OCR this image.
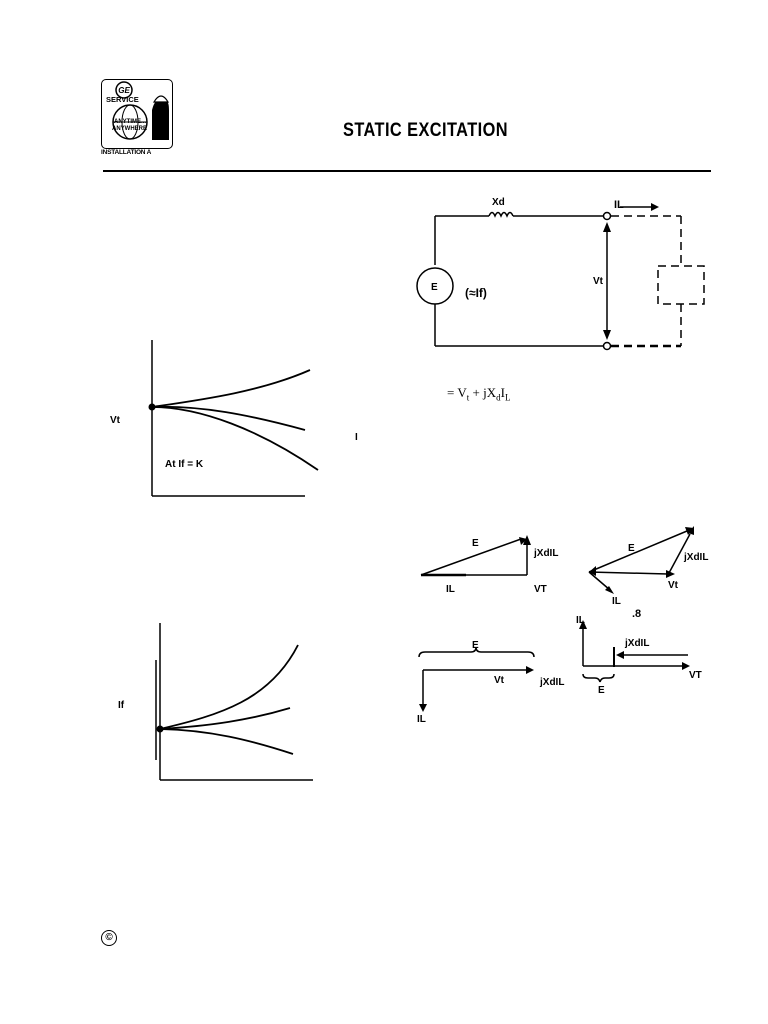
GE
SERVICE
ANYTIME...
ANYWHERE
INSTALLATION A
STATIC EXCITATION
Xd	IL
Vt
E (≈If)
= $V_t + jX_dI_L$
Vt
At If = K
I
If
E
jXdIL
IL	VT
E
jXdIL
IL
Vt
.8
E
Vt	jXdIL
IL
IL
jXdIL
VT
E
©
